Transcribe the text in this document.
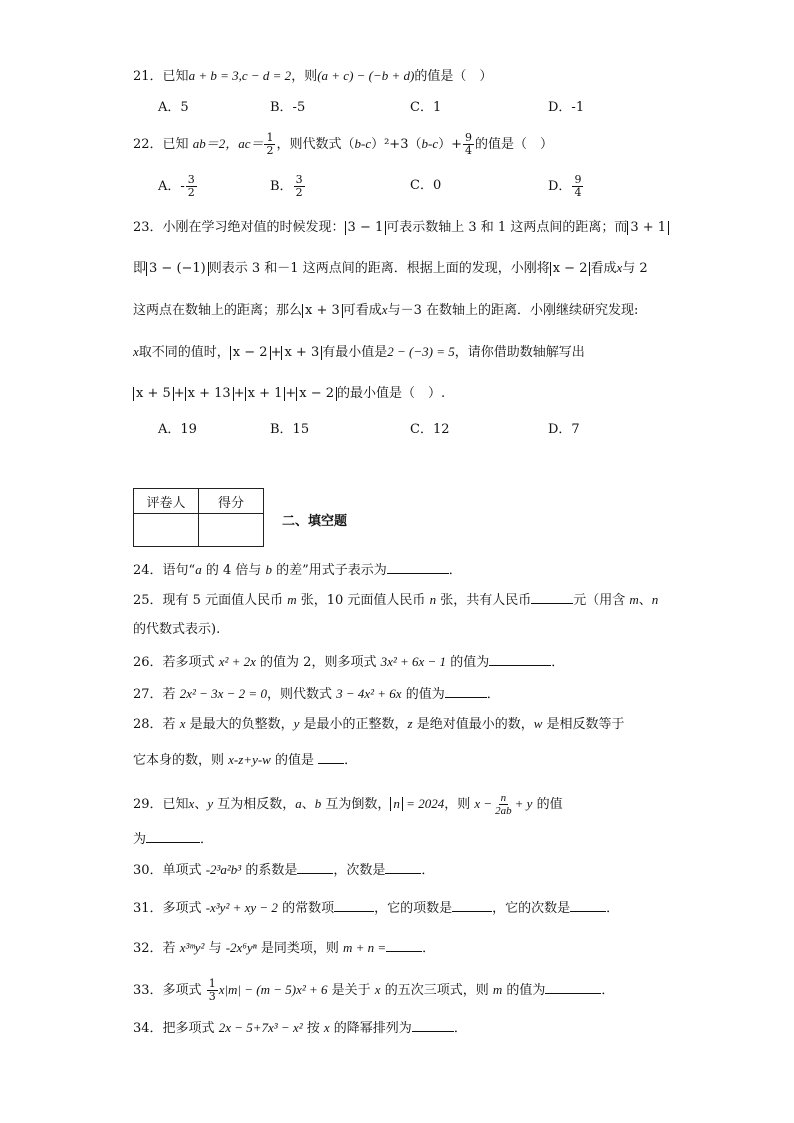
21．已知a + b = 3,c − d = 2，则(a + c) − (−b + d)的值是（　）
A．5	B．-5	C．1	D．-1
22．已知 ab＝2，$ac= \frac{1}{2}$ ，则代数式$(b-c)^2+3(b-c)+ \frac{9}{4}$ 的值是（　）
A．- $\frac{3}{2}$	B． $\frac{3}{2}$	C．0	D． $\frac{9}{4}$
23．小刚在学习绝对值的时候发现： 3 − 1 可表示数轴上 3 和 1 这两点间的距离；而 3 + 1
即 3 − (−1) 则表示 3 和－1 这两点间的距离．根据上面的发现，小刚将 x − 2 看成x与 2
这两点在数轴上的距离；那么 x + 3 可看成x与－3 在数轴上的距离．小刚继续研究发现:
x取不同的值时， x − 2 + x + 3 有最小值是2 − (−3) = 5，请你借助数轴解写出
x + 5 + x + 13 + x + 1 + x − 2 的最小值是（　）.
A．19	B．15	C．12	D．7
评卷人	得分

二、填空题
24．语句“a 的 4 倍与 b 的差”用式子表示为	．
25．现有 5 元面值人民币 m 张，10 元面值人民币 n 张，共有人民币	元（用含 m、n
的代数式表示).
26．若多项式 x² + 2x 的值为 2，则多项式 3x² + 6x − 1 的值为	．
27．若 2x² − 3x − 2 = 0，则代数式 3 − 4x² + 6x 的值为	．
28．若 x 是最大的负整数，y 是最小的正整数，z 是绝对值最小的数，w 是相反数等于
它本身的数，则 x-z+y-w 的值是 ．
29．已知x、y 互为相反数，a、b 互为倒数， n = 2024，则 $x - \frac{n}{2ab} + y$ 的值
为	．
30．单项式 -2³a²b³ 的系数是	，次数是	．
31．多项式 -x³y² + xy − 2 的常数项	，它的项数是	，它的次数是	．
32．若 x³ᵐy² 与 -2x⁶yⁿ 是同类项，则 m + n =	．
33．多项式 $\frac{1}{3} x|m| - (m - 5)x^2 + 6$ 是关于 x 的五次三项式，则 m 的值为	．
34．把多项式 2x − 5+7x³ − x² 按 x 的降幂排列为	．
